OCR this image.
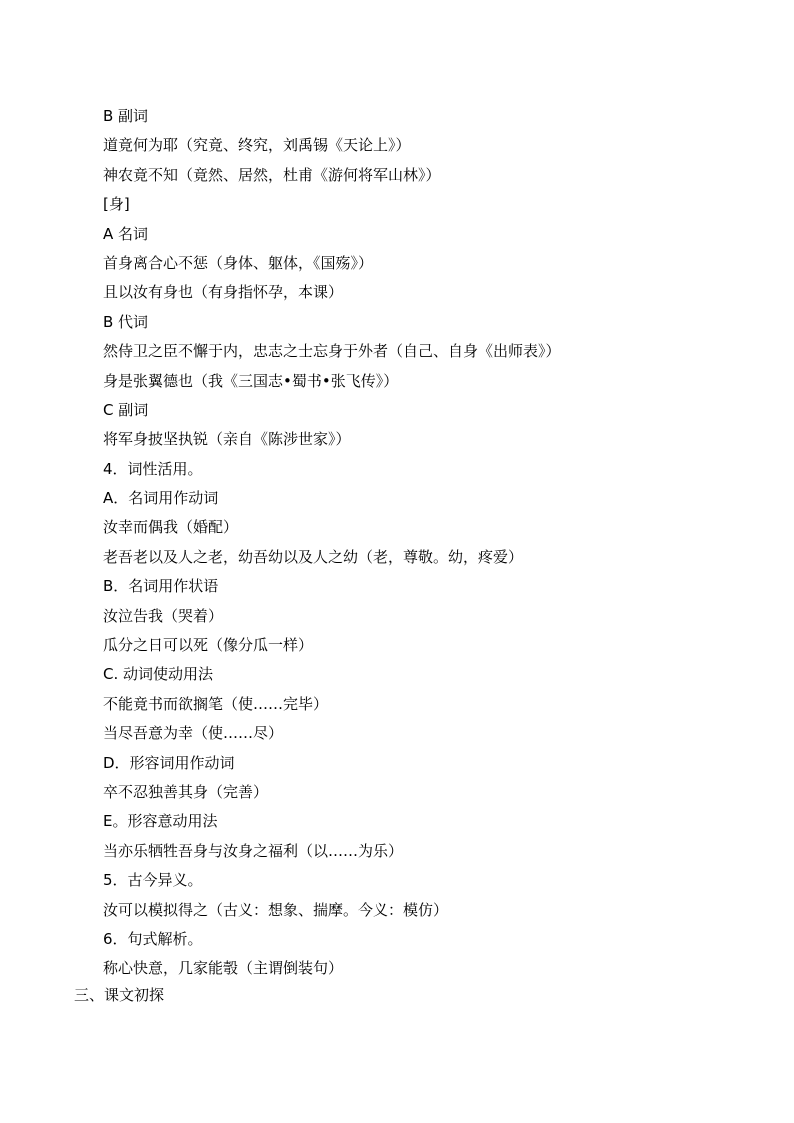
B 副词
道竟何为耶（究竟、终究，刘禹锡《天论上》）
神农竟不知（竟然、居然，杜甫《游何将军山林》）
[身]
A 名词
首身离合心不惩（身体、躯体，《国殇》）
且以汝有身也（有身指怀孕，本课）
B 代词
然侍卫之臣不懈于内，忠志之士忘身于外者（自己、自身《出师表》）
身是张翼德也（我《三国志•蜀书•张飞传》）
C 副词
将军身披坚执锐（亲自《陈涉世家》）
4．词性活用。
A．名词用作动词
汝幸而偶我（婚配）
老吾老以及人之老，幼吾幼以及人之幼（老，尊敬。幼，疼爱）
B．名词用作状语
汝泣告我（哭着）
瓜分之日可以死（像分瓜一样）
C. 动词使动用法
不能竟书而欲搁笔（使……完毕）
当尽吾意为幸（使……尽）
D．形容词用作动词
卒不忍独善其身（完善）
E。形容意动用法
当亦乐牺牲吾身与汝身之福利（以……为乐）
5．古今异义。
汝可以模拟得之（古义：想象、揣摩。今义：模仿）
6．句式解析。
称心快意，几家能彀（主谓倒装句）
三、课文初探
